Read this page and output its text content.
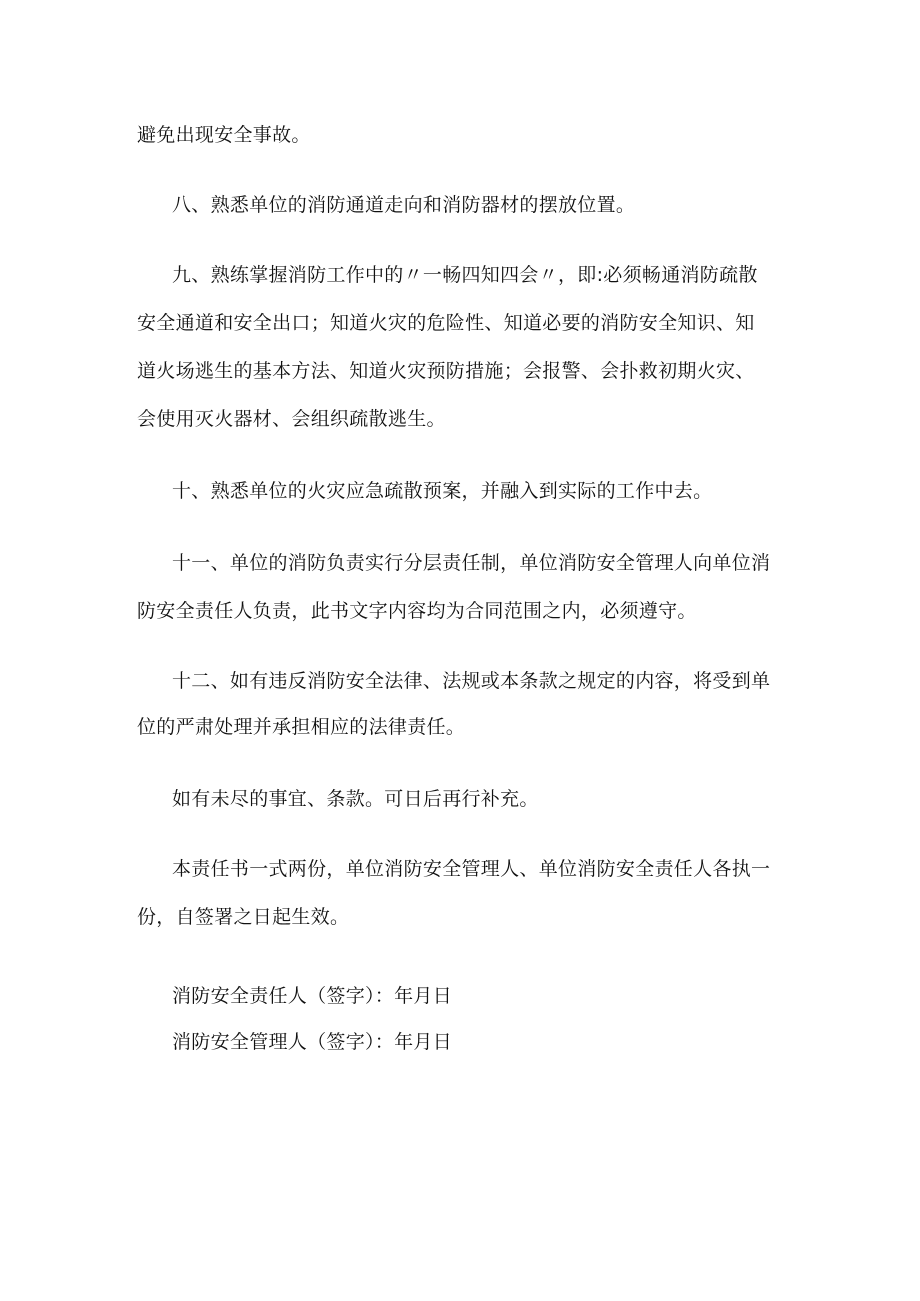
避免出现安全事故。

八、熟悉单位的消防通道走向和消防器材的摆放位置。

九、熟练掌握消防工作中的〃一畅四知四会〃，即:必须畅通消防疏散

安全通道和安全出口；知道火灾的危险性、知道必要的消防安全知识、知

道火场逃生的基本方法、知道火灾预防措施；会报警、会扑救初期火灾、

会使用灭火器材、会组织疏散逃生。

十、熟悉单位的火灾应急疏散预案，并融入到实际的工作中去。

十一、单位的消防负责实行分层责任制，单位消防安全管理人向单位消

防安全责任人负责，此书文字内容均为合同范围之内，必须遵守。

十二、如有违反消防安全法律、法规或本条款之规定的内容，将受到单

位的严肃处理并承担相应的法律责任。

如有未尽的事宜、条款。可日后再行补充。

本责任书一式两份，单位消防安全管理人、单位消防安全责任人各执一

份，自签署之日起生效。

消防安全责任人（签字）：年月日

消防安全管理人（签字）：年月日
